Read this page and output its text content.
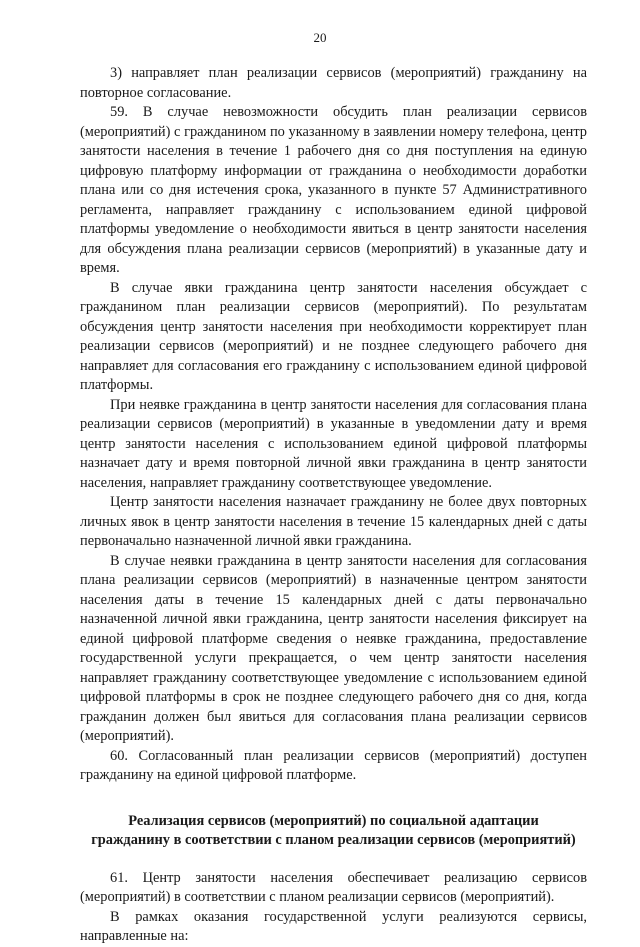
20

3) направляет план реализации сервисов (мероприятий) гражданину на повторное согласование.

59. В случае невозможности обсудить план реализации сервисов (мероприятий) с гражданином по указанному в заявлении номеру телефона, центр занятости населения в течение 1 рабочего дня со дня поступления на единую цифровую платформу информации от гражданина о необходимости доработки плана или со дня истечения срока, указанного в пункте 57 Административного регламента, направляет гражданину с использованием единой цифровой платформы уведомление о необходимости явиться в центр занятости населения для обсуждения плана реализации сервисов (мероприятий) в указанные дату и время.

В случае явки гражданина центр занятости населения обсуждает с гражданином план реализации сервисов (мероприятий). По результатам обсуждения центр занятости населения при необходимости корректирует план реализации сервисов (мероприятий) и не позднее следующего рабочего дня направляет для согласования его гражданину с использованием единой цифровой платформы.

При неявке гражданина в центр занятости населения для согласования плана реализации сервисов (мероприятий) в указанные в уведомлении дату и время центр занятости населения с использованием единой цифровой платформы назначает дату и время повторной личной явки гражданина в центр занятости населения, направляет гражданину соответствующее уведомление.

Центр занятости населения назначает гражданину не более двух повторных личных явок в центр занятости населения в течение 15 календарных дней с даты первоначально назначенной личной явки гражданина.

В случае неявки гражданина в центр занятости населения для согласования плана реализации сервисов (мероприятий) в назначенные центром занятости населения даты в течение 15 календарных дней с даты первоначально назначенной личной явки гражданина, центр занятости населения фиксирует на единой цифровой платформе сведения о неявке гражданина, предоставление государственной услуги прекращается, о чем центр занятости населения направляет гражданину соответствующее уведомление с использованием единой цифровой платформы в срок не позднее следующего рабочего дня со дня, когда гражданин должен был явиться для согласования плана реализации сервисов (мероприятий).

60. Согласованный план реализации сервисов (мероприятий) доступен гражданину на единой цифровой платформе.

Реализация сервисов (мероприятий) по социальной адаптации
гражданину в соответствии с планом реализации сервисов (мероприятий)

61. Центр занятости населения обеспечивает реализацию сервисов (мероприятий) в соответствии с планом реализации сервисов (мероприятий).

В рамках оказания государственной услуги реализуются сервисы, направленные на:
